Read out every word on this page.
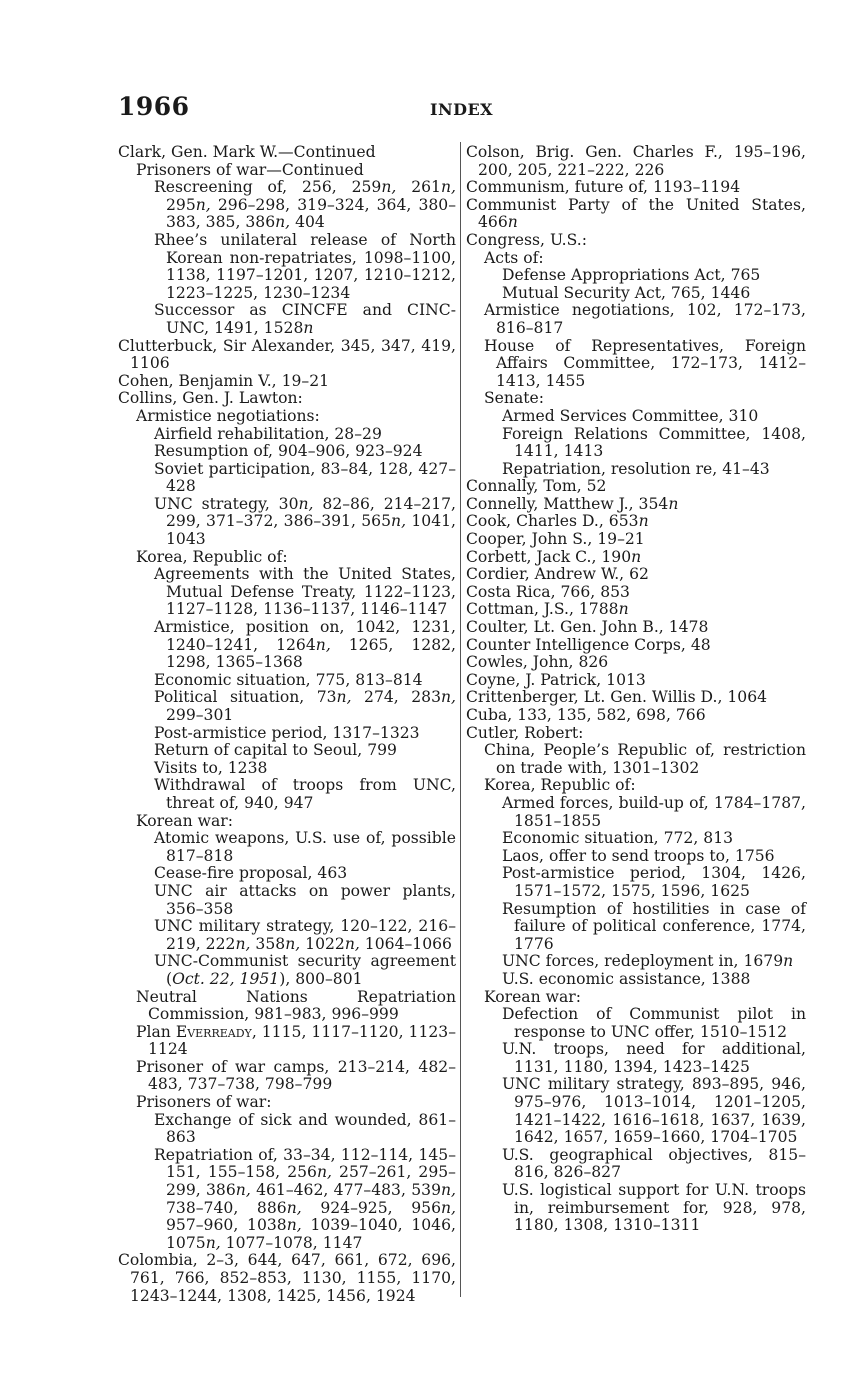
1966	INDEX

Clark, Gen. Mark W.—Continued

Prisoners of war—Continued

Rescreening of, 256, 259n, 261n, 295n, 296–298, 319–324, 364, 380–383, 385, 386n, 404

Rhee’s unilateral release of North Korean non-repatriates, 1098–1100, 1138, 1197–1201, 1207, 1210–1212, 1223–1225, 1230–1234

Successor as CINCFE and CINC-UNC, 1491, 1528n

Clutterbuck, Sir Alexander, 345, 347, 419, 1106

Cohen, Benjamin V., 19–21

Collins, Gen. J. Lawton:

Armistice negotiations:

Airfield rehabilitation, 28–29

Resumption of, 904–906, 923–924

Soviet participation, 83–84, 128, 427–428

UNC strategy, 30n, 82–86, 214–217, 299, 371–372, 386–391, 565n, 1041, 1043

Korea, Republic of:

Agreements with the United States, Mutual Defense Treaty, 1122–1123, 1127–1128, 1136–1137, 1146–1147

Armistice, position on, 1042, 1231, 1240–1241, 1264n, 1265, 1282, 1298, 1365–1368

Economic situation, 775, 813–814

Political situation, 73n, 274, 283n, 299–301

Post-armistice period, 1317–1323

Return of capital to Seoul, 799

Visits to, 1238

Withdrawal of troops from UNC, threat of, 940, 947

Korean war:

Atomic weapons, U.S. use of, possible 817–818

Cease-fire proposal, 463

UNC air attacks on power plants, 356–358

UNC military strategy, 120–122, 216–219, 222n, 358n, 1022n, 1064–1066

UNC-Communist security agreement (Oct. 22, 1951), 800–801

Neutral Nations Repatriation Commission, 981–983, 996–999

Plan Everready, 1115, 1117–1120, 1123–1124

Prisoner of war camps, 213–214, 482–483, 737–738, 798–799

Prisoners of war:

Exchange of sick and wounded, 861–863

Repatriation of, 33–34, 112–114, 145–151, 155–158, 256n, 257–261, 295–299, 386n, 461–462, 477–483, 539n, 738–740, 886n, 924–925, 956n, 957–960, 1038n, 1039–1040, 1046, 1075n, 1077–1078, 1147

Colombia, 2–3, 644, 647, 661, 672, 696, 761, 766, 852–853, 1130, 1155, 1170, 1243–1244, 1308, 1425, 1456, 1924

Colson, Brig. Gen. Charles F., 195–196, 200, 205, 221–222, 226

Communism, future of, 1193–1194

Communist Party of the United States, 466n

Congress, U.S.:

Acts of:

Defense Appropriations Act, 765

Mutual Security Act, 765, 1446

Armistice negotiations, 102, 172–173, 816–817

House of Representatives, Foreign Affairs Committee, 172–173, 1412–1413, 1455

Senate:

Armed Services Committee, 310

Foreign Relations Committee, 1408, 1411, 1413

Repatriation, resolution re, 41–43

Connally, Tom, 52

Connelly, Matthew J., 354n

Cook, Charles D., 653n

Cooper, John S., 19–21

Corbett, Jack C., 190n

Cordier, Andrew W., 62

Costa Rica, 766, 853

Cottman, J.S., 1788n

Coulter, Lt. Gen. John B., 1478

Counter Intelligence Corps, 48

Cowles, John, 826

Coyne, J. Patrick, 1013

Crittenberger, Lt. Gen. Willis D., 1064

Cuba, 133, 135, 582, 698, 766

Cutler, Robert:

China, People’s Republic of, restriction on trade with, 1301–1302

Korea, Republic of:

Armed forces, build-up of, 1784–1787, 1851–1855

Economic situation, 772, 813

Laos, offer to send troops to, 1756

Post-armistice period, 1304, 1426, 1571–1572, 1575, 1596, 1625

Resumption of hostilities in case of failure of political conference, 1774, 1776

UNC forces, redeployment in, 1679n

U.S. economic assistance, 1388

Korean war:

Defection of Communist pilot in response to UNC offer, 1510–1512

U.N. troops, need for additional, 1131, 1180, 1394, 1423–1425

UNC military strategy, 893–895, 946, 975–976, 1013–1014, 1201–1205, 1421–1422, 1616–1618, 1637, 1639, 1642, 1657, 1659–1660, 1704–1705

U.S. geographical objectives, 815–816, 826–827

U.S. logistical support for U.N. troops in, reimbursement for, 928, 978, 1180, 1308, 1310–1311
